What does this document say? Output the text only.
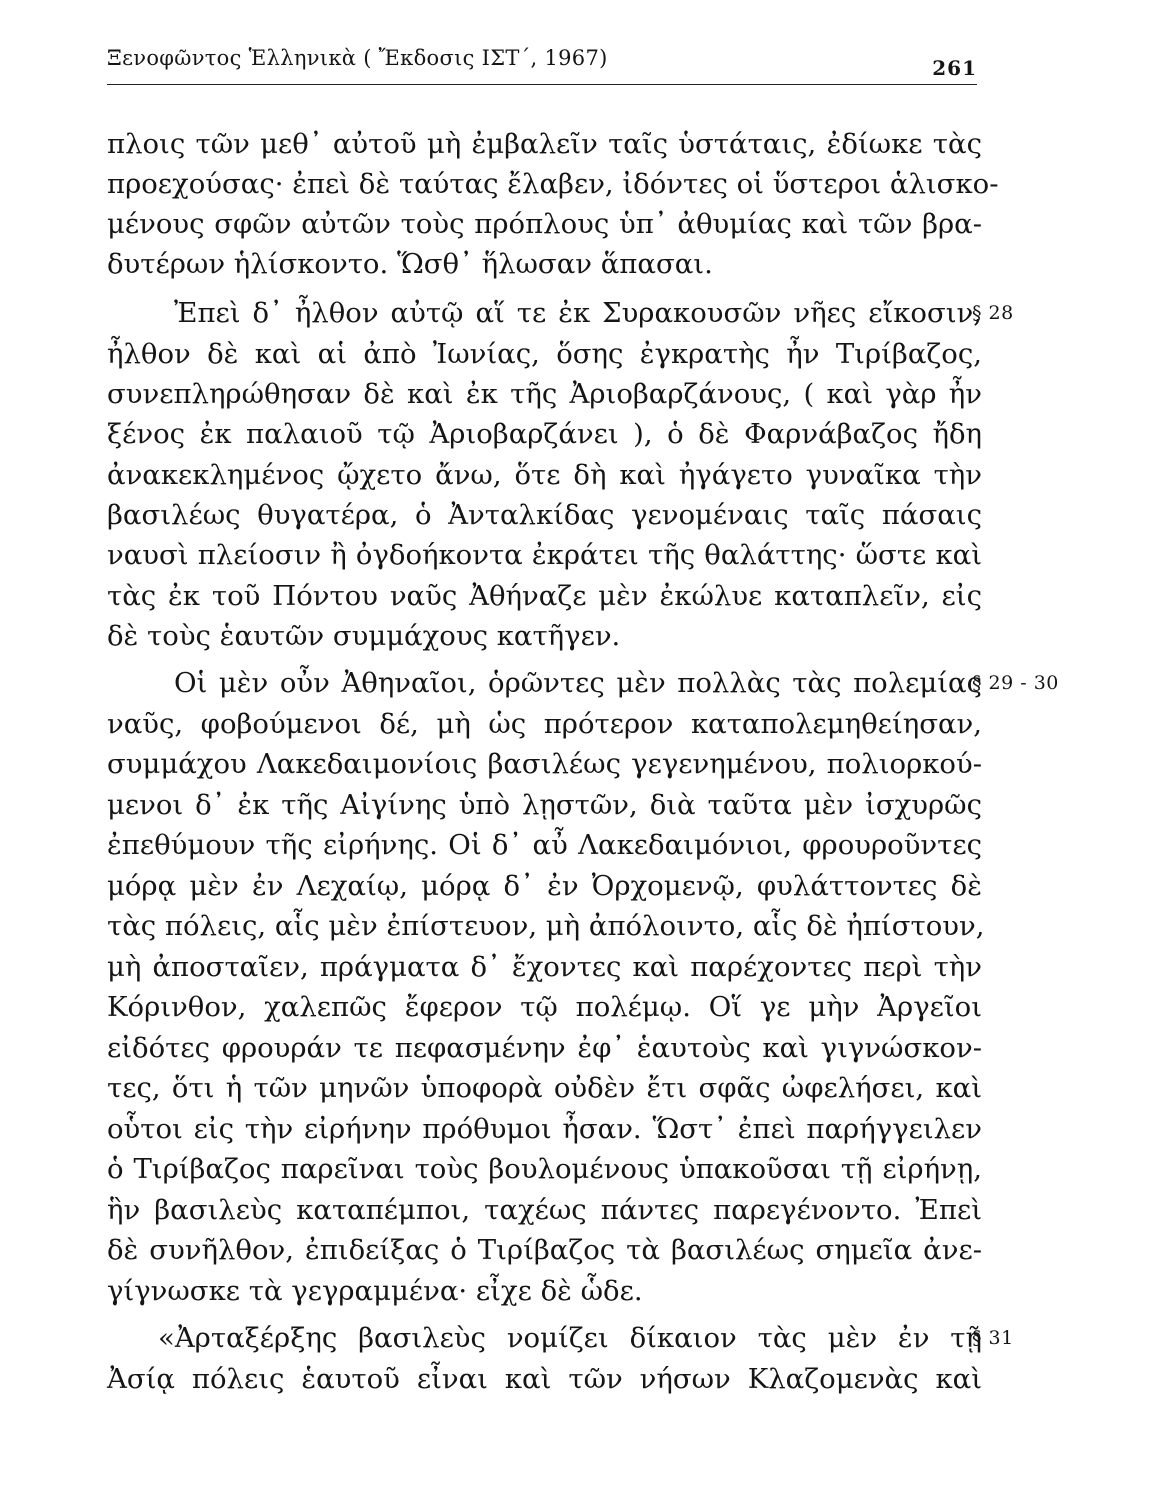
Ξενοφῶντος Ἑλληνικὰ ( Ἔκδοσις ΙΣΤ΄, 1967)	261
πλοις τῶν μεθ᾽ αὐτοῦ μὴ ἐμβαλεῖν ταῖς ὑστάταις, ἐδίωκε τὰς
προεχούσας· ἐπεὶ δὲ ταύτας ἔλαβεν, ἰδόντες οἱ ὕστεροι ἁλισκο-
μένους σφῶν αὐτῶν τοὺς πρόπλους ὑπ᾽ ἀθυμίας καὶ τῶν βρα-
δυτέρων ἡλίσκοντο. Ὥσθ᾽ ἥλωσαν ἅπασαι.
Ἐπεὶ δ᾽ ἦλθον αὐτῷ αἵ τε ἐκ Συρακουσῶν νῆες εἴκοσιν,
ἦλθον δὲ καὶ αἱ ἀπὸ Ἰωνίας, ὅσης ἐγκρατὴς ἦν Τιρίβαζος,
συνεπληρώθησαν δὲ καὶ ἐκ τῆς Ἀριοβαρζάνους, ( καὶ γὰρ ἦν
ξένος ἐκ παλαιοῦ τῷ Ἀριοβαρζάνει ), ὁ δὲ Φαρνάβαζος ἤδη
ἀνακεκλημένος ᾤχετο ἄνω, ὅτε δὴ καὶ ἠγάγετο γυναῖκα τὴν
βασιλέως θυγατέρα, ὁ Ἀνταλκίδας γενομέναις ταῖς πάσαις
ναυσὶ πλείοσιν ἢ ὀγδοήκοντα ἐκράτει τῆς θαλάττης· ὥστε καὶ
τὰς ἐκ τοῦ Πόντου ναῦς Ἀθήναζε μὲν ἐκώλυε καταπλεῖν, εἰς
δὲ τοὺς ἑαυτῶν συμμάχους κατῆγεν.
Οἱ μὲν οὖν Ἀθηναῖοι, ὁρῶντες μὲν πολλὰς τὰς πολεμίας
ναῦς, φοβούμενοι δέ, μὴ ὡς πρότερον καταπολεμηθείησαν,
συμμάχου Λακεδαιμονίοις βασιλέως γεγενημένου, πολιορκού-
μενοι δ᾽ ἐκ τῆς Αἰγίνης ὑπὸ λῃστῶν, διὰ ταῦτα μὲν ἰσχυρῶς
ἐπεθύμουν τῆς εἰρήνης. Οἱ δ᾽ αὖ Λακεδαιμόνιοι, φρουροῦντες
μόρᾳ μὲν ἐν Λεχαίῳ, μόρᾳ δ᾽ ἐν Ὀρχομενῷ, φυλάττοντες δὲ
τὰς πόλεις, αἷς μὲν ἐπίστευον, μὴ ἀπόλοιντο, αἷς δὲ ἠπίστουν,
μὴ ἀποσταῖεν, πράγματα δ᾽ ἔχοντες καὶ παρέχοντες περὶ τὴν
Κόρινθον, χαλεπῶς ἔφερον τῷ πολέμῳ. Οἵ γε μὴν Ἀργεῖοι
εἰδότες φρουράν τε πεφασμένην ἐφ᾽ ἑαυτοὺς καὶ γιγνώσκον-
τες, ὅτι ἡ τῶν μηνῶν ὑποφορὰ οὐδὲν ἔτι σφᾶς ὠφελήσει, καὶ
οὗτοι εἰς τὴν εἰρήνην πρόθυμοι ἦσαν. Ὥστ᾽ ἐπεὶ παρήγγειλεν
ὁ Τιρίβαζος παρεῖναι τοὺς βουλομένους ὑπακοῦσαι τῇ εἰρήνῃ,
ἣν βασιλεὺς καταπέμποι, ταχέως πάντες παρεγένοντο. Ἐπεὶ
δὲ συνῆλθον, ἐπιδείξας ὁ Τιρίβαζος τὰ βασιλέως σημεῖα ἀνε-
γίγνωσκε τὰ γεγραμμένα· εἶχε δὲ ὧδε.
«Ἀρταξέρξης βασιλεὺς νομίζει δίκαιον τὰς μὲν ἐν τῇ
Ἀσίᾳ πόλεις ἑαυτοῦ εἶναι καὶ τῶν νήσων Κλαζομενὰς καὶ
§ 28
§ 29 - 30
§ 31
